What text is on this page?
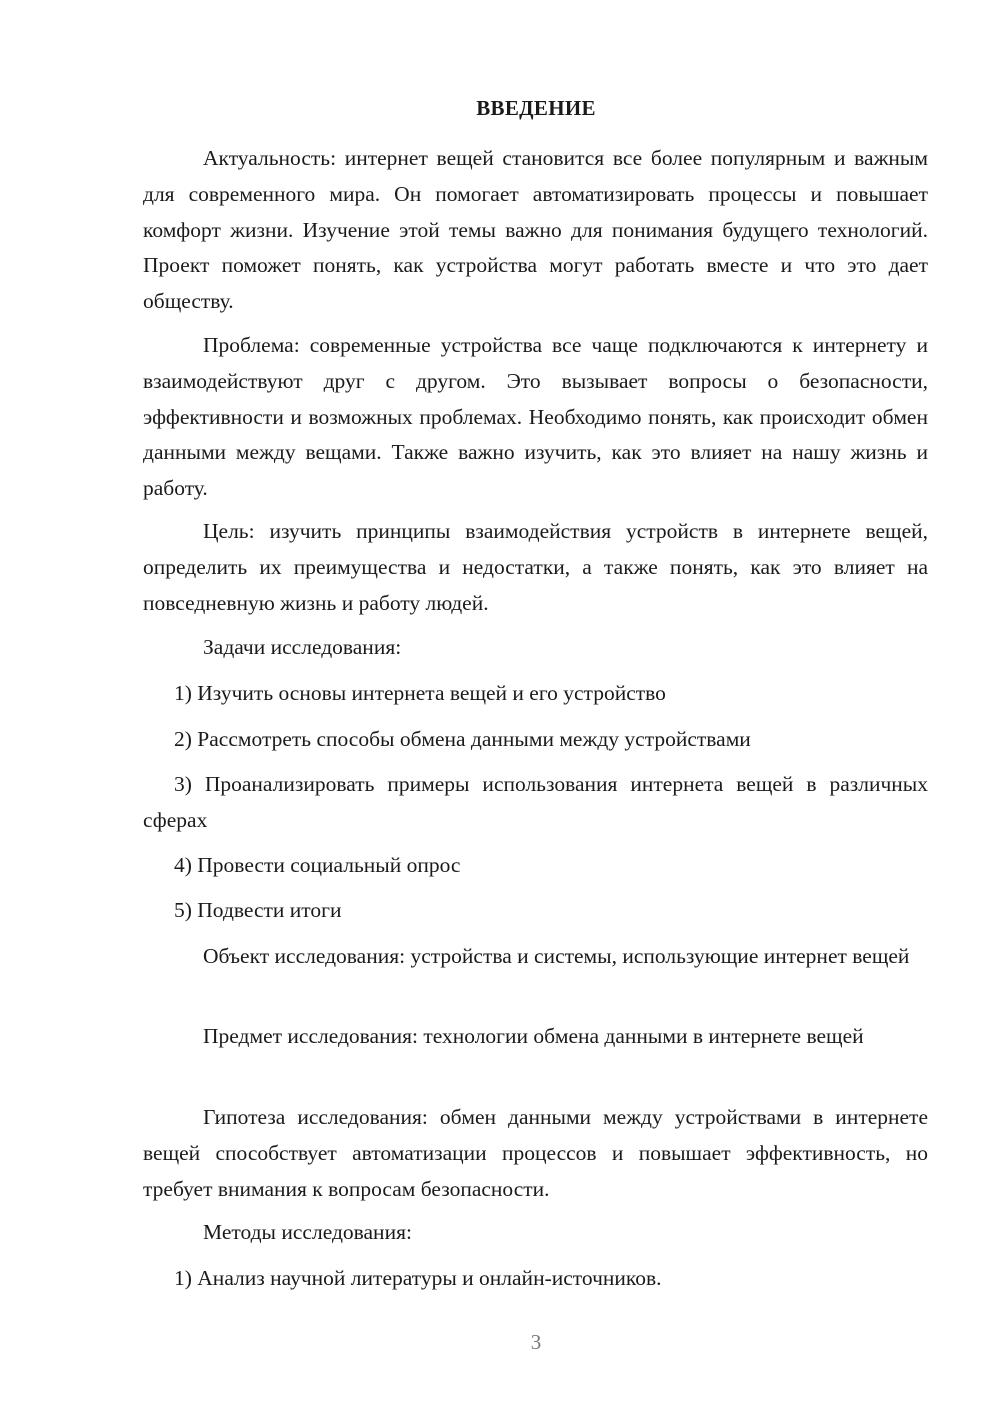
ВВЕДЕНИЕ

Актуальность: интернет вещей становится все более популярным и важным для современного мира. Он помогает автоматизировать процессы и повышает комфорт жизни. Изучение этой темы важно для понимания будущего технологий. Проект поможет понять, как устройства могут работать вместе и что это дает обществу.

Проблема: современные устройства все чаще подключаются к интернету и взаимодействуют друг с другом. Это вызывает вопросы о безопасности, эффективности и возможных проблемах. Необходимо понять, как происходит обмен данными между вещами. Также важно изучить, как это влияет на нашу жизнь и работу.

Цель: изучить принципы взаимодействия устройств в интернете вещей, определить их преимущества и недостатки, а также понять, как это влияет на повседневную жизнь и работу людей.

Задачи исследования:

1) Изучить основы интернета вещей и его устройство

2) Рассмотреть способы обмена данными между устройствами

3) Проанализировать примеры использования интернета вещей в различных сферах

4) Провести социальный опрос

5) Подвести итоги

Объект исследования: устройства и системы, использующие интернет вещей

Предмет исследования: технологии обмена данными в интернете вещей

Гипотеза исследования: обмен данными между устройствами в интернете вещей способствует автоматизации процессов и повышает эффективность, но требует внимания к вопросам безопасности.

Методы исследования:

1) Анализ научной литературы и онлайн-источников.

3
